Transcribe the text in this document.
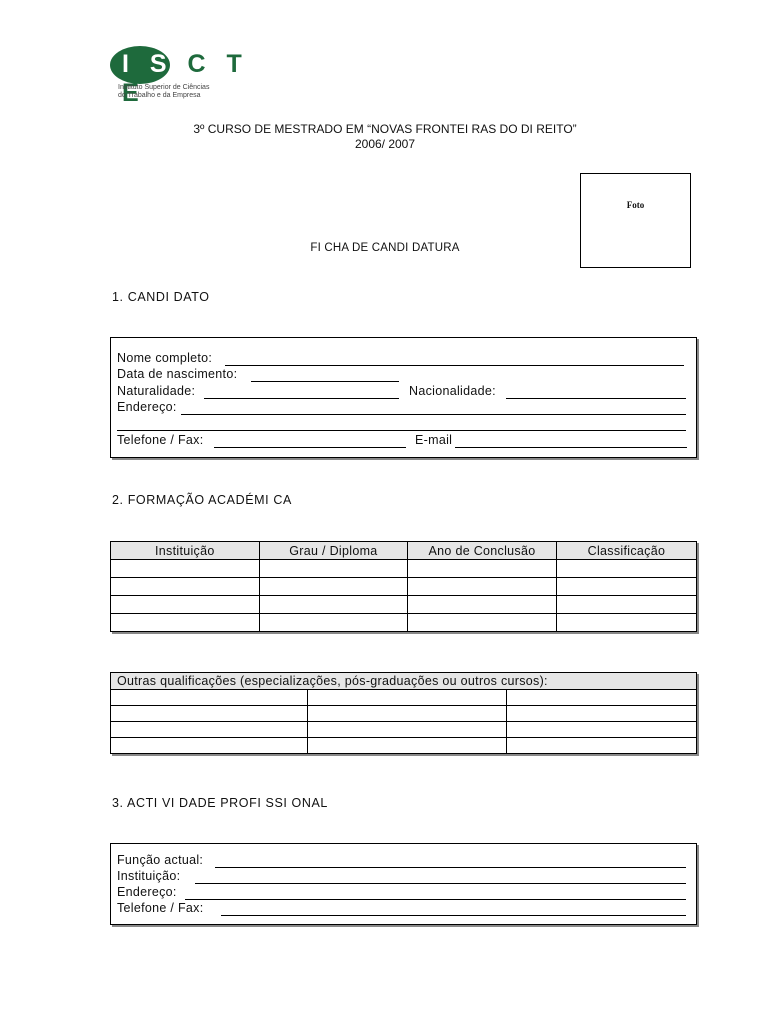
I S C T E
Instituto Superior de Ciências
do Trabalho e da Empresa
3º CURSO DE MESTRADO EM “NOVAS FRONTEI RAS DO DI REITO”
2006/ 2007
Foto
FI CHA DE CANDI DATURA
1. CANDI DATO
Nome completo:
Data de nascimento:
Naturalidade:	Nacionalidade:
Endereço:
Telefone / Fax:	E-mail
2. FORMAÇÃO ACADÉMI CA
Instituição	Grau / Diploma	Ano de Conclusão	Classificação

Outras qualificações (especializações, pós-graduações ou outros cursos):		

3. ACTI VI DADE PROFI SSI ONAL
Função actual:
Instituição:
Endereço:
Telefone / Fax:
